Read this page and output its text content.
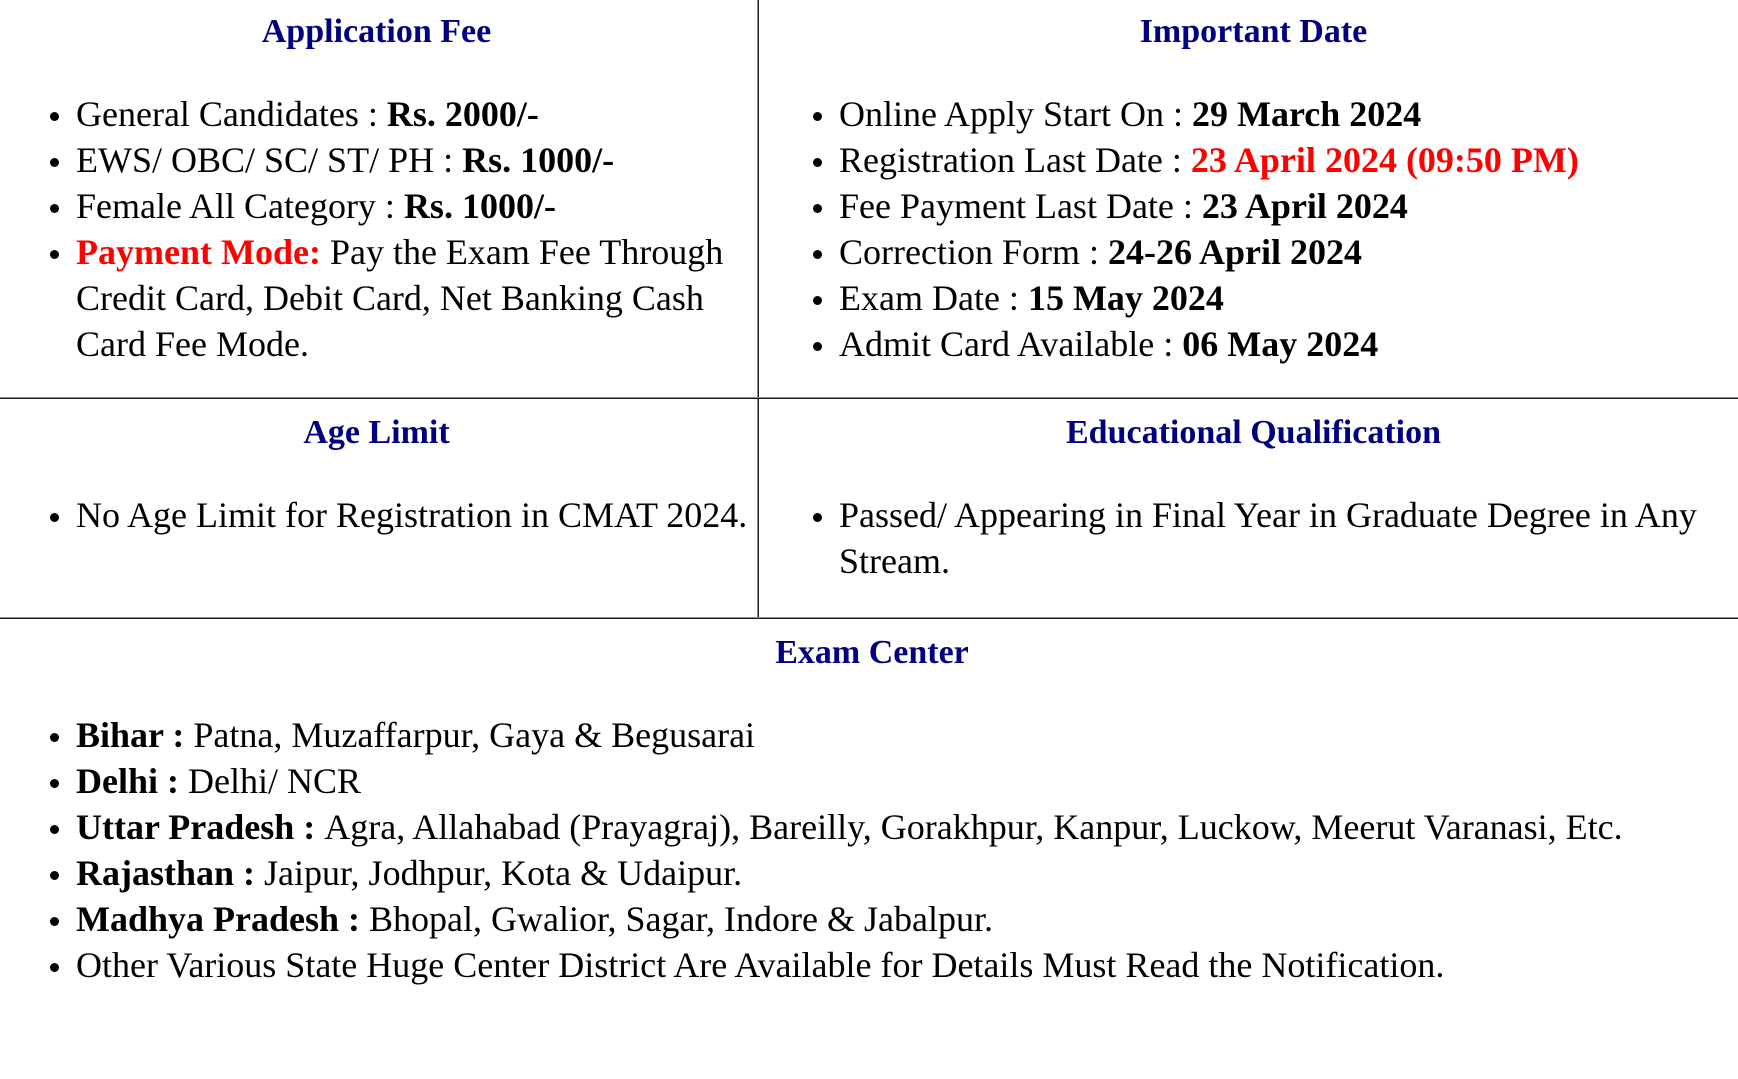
Application Fee
General Candidates : Rs. 2000/-
EWS/ OBC/ SC/ ST/ PH : Rs. 1000/-
Female All Category : Rs. 1000/-
Payment Mode: Pay the Exam Fee Through Credit Card, Debit Card, Net Banking Cash Card Fee Mode.
Important Date
Online Apply Start On : 29 March 2024
Registration Last Date : 23 April 2024 (09:50 PM)
Fee Payment Last Date : 23 April 2024
Correction Form : 24-26 April 2024
Exam Date : 15 May 2024
Admit Card Available : 06 May 2024
Age Limit
No Age Limit for Registration in CMAT 2024.
Educational Qualification
Passed/ Appearing in Final Year in Graduate Degree in Any Stream.
Exam Center
Bihar : Patna, Muzaffarpur, Gaya & Begusarai
Delhi : Delhi/ NCR
Uttar Pradesh : Agra, Allahabad (Prayagraj), Bareilly, Gorakhpur, Kanpur, Luckow, Meerut Varanasi, Etc.
Rajasthan : Jaipur, Jodhpur, Kota & Udaipur.
Madhya Pradesh : Bhopal, Gwalior, Sagar, Indore & Jabalpur.
Other Various State Huge Center District Are Available for Details Must Read the Notification.
